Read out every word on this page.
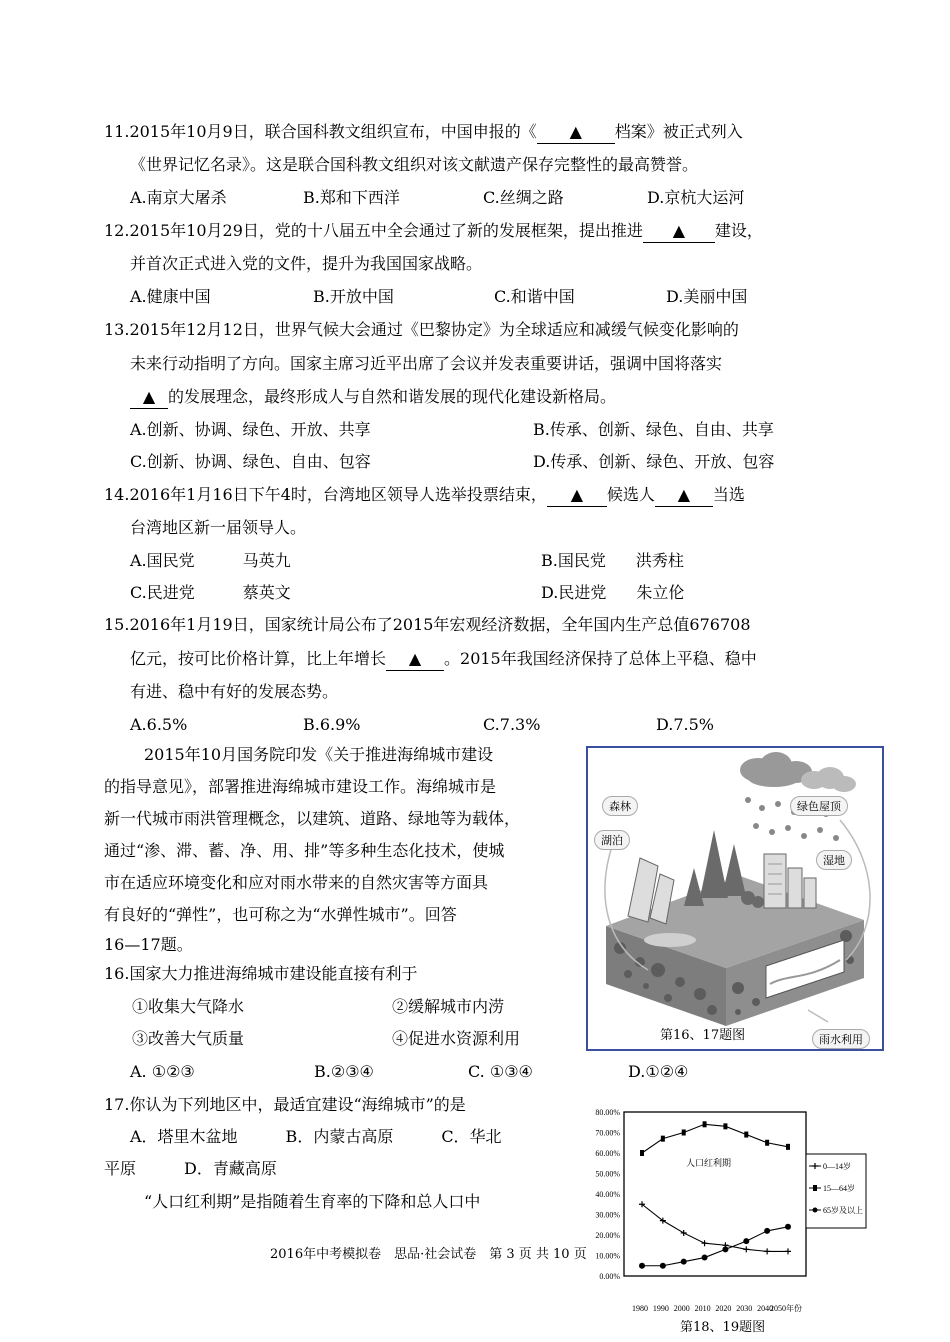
11.2015年10月9日，联合国科教文组织宣布，中国申报的《 ▲ 档案》被正式列入
《世界记忆名录》。这是联合国科教文组织对该文献遗产保存完整性的最高赞誉。
A.南京大屠杀	B.郑和下西洋	C.丝绸之路	D.京杭大运河
12.2015年10月29日，党的十八届五中全会通过了新的发展框架，提出推进 ▲ 建设，
并首次正式进入党的文件，提升为我国国家战略。
A.健康中国	B.开放中国	C.和谐中国	D.美丽中国
13.2015年12月12日，世界气候大会通过《巴黎协定》为全球适应和减缓气候变化影响的
未来行动指明了方向。国家主席习近平出席了会议并发表重要讲话，强调中国将落实
▲ 的发展理念，最终形成人与自然和谐发展的现代化建设新格局。
A.创新、协调、绿色、开放、共享	B.传承、创新、绿色、自由、共享
C.创新、协调、绿色、自由、包容	D.传承、创新、绿色、开放、包容
14.2016年1月16日下午4时，台湾地区领导人选举投票结束， ▲ 候选人 ▲ 当选
台湾地区新一届领导人。
A.国民党	马英九	B.国民党 洪秀柱
C.民进党	蔡英文	D.民进党 朱立伦
15.2016年1月19日，国家统计局公布了2015年宏观经济数据，全年国内生产总值676708
亿元，按可比价格计算，比上年增长 ▲ 。2015年我国经济保持了总体上平稳、稳中
有进、稳中有好的发展态势。
A.6.5%	B.6.9%	C.7.3%	D.7.5%
2015年10月国务院印发《关于推进海绵城市建设
的指导意见》，部署推进海绵城市建设工作。海绵城市是
新一代城市雨洪管理概念，以建筑、道路、绿地等为载体，
通过“渗、滞、蓄、净、用、排”等多种生态化技术，使城
市在适应环境变化和应对雨水带来的自然灾害等方面具
有良好的“弹性”，也可称之为“水弹性城市”。回答
16—17题。
16.国家大力推进海绵城市建设能直接有利于
①收集大气降水	②缓解城市内涝
③改善大气质量	④促进水资源利用
A. ①②③	B.②③④	C. ①③④	D.①②④
17.你认为下列地区中，最适宜建设“海绵城市”的是
A．塔里木盆地　　　B．内蒙古高原　　　C．华北
平原　　　D．青藏高原
“人口红利期”是指随着生育率的下降和总人口中
森林
湖泊
绿色屋顶
湿地
雨水利用
第16、17题图
0.00%
10.00%
20.00%
30.00%
40.00%
50.00%
60.00%
70.00%
80.00%
1980 1990 2000 2010 2020 2030 2040
2050年份
人口红利期	0—14岁
15—64岁
65岁及以上
第18、19题图
2016年中考模拟卷　思品·社会试卷　第 3 页 共 10 页
